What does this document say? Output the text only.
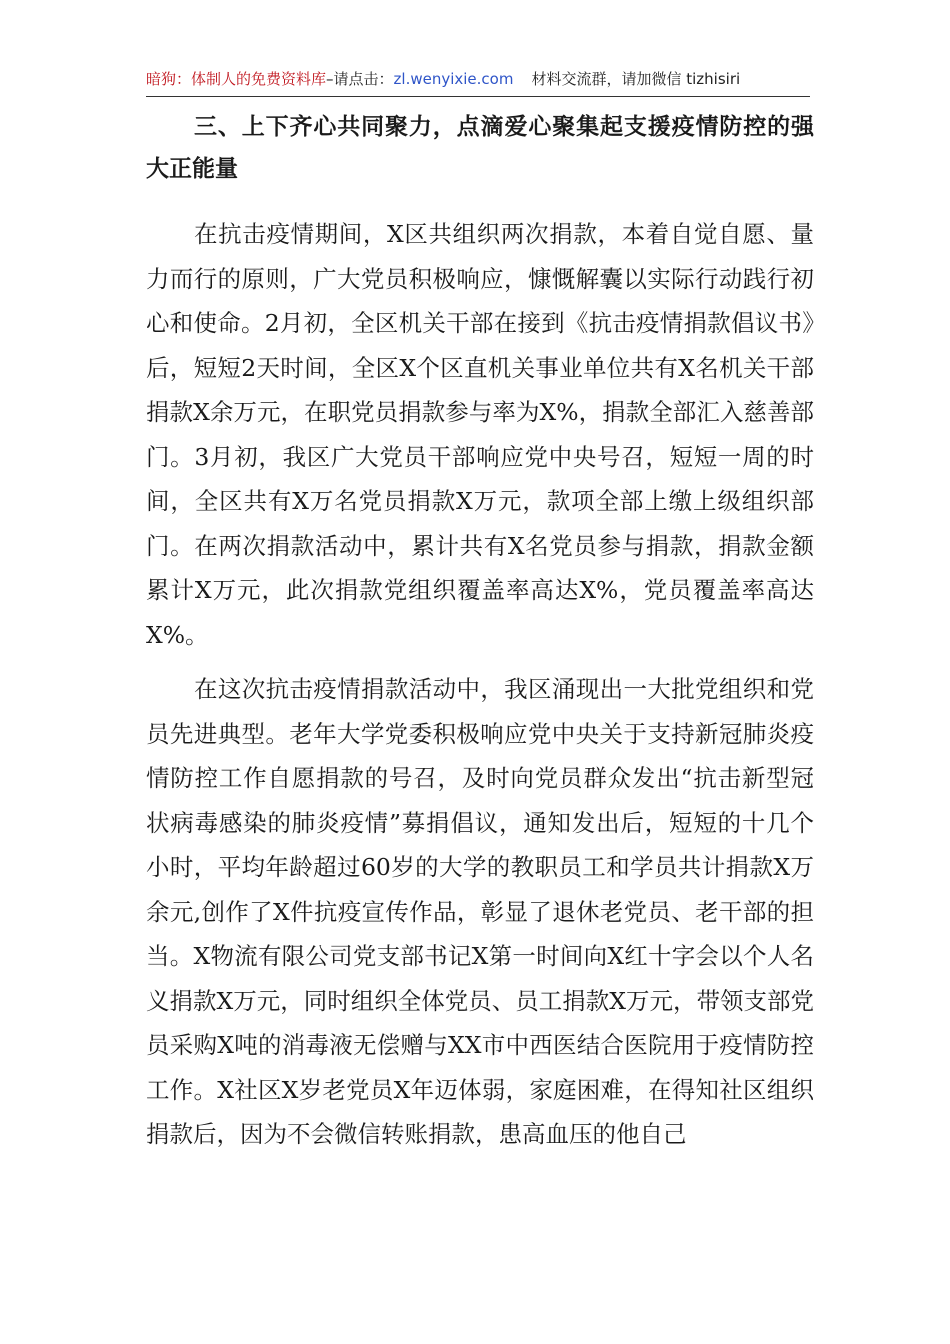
暗狗：体制人的免费资料库–请点击：zl.wenyixie.com 材料交流群，请加微信 tizhisiri
三、上下齐心共同聚力，点滴爱心聚集起支援疫情防控的强大正能量

在抗击疫情期间，X区共组织两次捐款，本着自觉自愿、量力而行的原则，广大党员积极响应，慷慨解囊以实际行动践行初心和使命。2月初，全区机关干部在接到《抗击疫情捐款倡议书》后，短短2天时间，全区X个区直机关事业单位共有X名机关干部捐款X余万元，在职党员捐款参与率为X%，捐款全部汇入慈善部门。3月初，我区广大党员干部响应党中央号召，短短一周的时间，全区共有X万名党员捐款X万元，款项全部上缴上级组织部门。在两次捐款活动中，累计共有X名党员参与捐款，捐款金额累计X万元，此次捐款党组织覆盖率高达X%，党员覆盖率高达X%。

在这次抗击疫情捐款活动中，我区涌现出一大批党组织和党员先进典型。老年大学党委积极响应党中央关于支持新冠肺炎疫情防控工作自愿捐款的号召，及时向党员群众发出“抗击新型冠状病毒感染的肺炎疫情”募捐倡议，通知发出后，短短的十几个小时，平均年龄超过60岁的大学的教职员工和学员共计捐款X万余元,创作了X件抗疫宣传作品，彰显了退休老党员、老干部的担当。X物流有限公司党支部书记X第一时间向X红十字会以个人名义捐款X万元，同时组织全体党员、员工捐款X万元，带领支部党员采购X吨的消毒液无偿赠与XX市中西医结合医院用于疫情防控工作。X社区X岁老党员X年迈体弱，家庭困难，在得知社区组织捐款后，因为不会微信转账捐款，患高血压的他自己
